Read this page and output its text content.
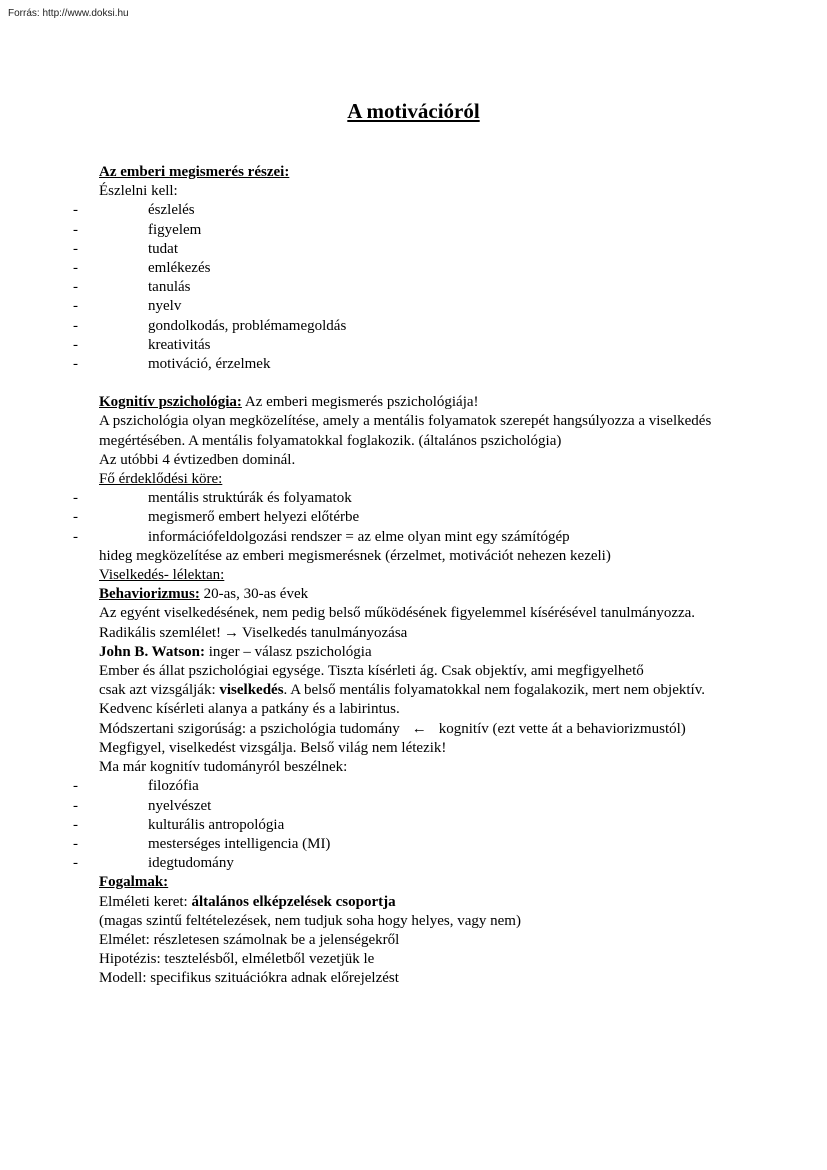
Forrás: http://www.doksi.hu
A motivációról
Az emberi megismerés részei:
Észlelni kell:
-	észlelés
-	figyelem
-	tudat
-	emlékezés
-	tanulás
-	nyelv
-	gondolkodás, problémamegoldás
-	kreativitás
-	motiváció, érzelmek
Kognitív pszichológia: Az emberi megismerés pszichológiája!
A pszichológia olyan megközelítése, amely a mentális folyamatok szerepét hangsúlyozza a viselkedés
megértésében. A mentális folyamatokkal foglakozik. (általános pszichológia)
Az utóbbi 4 évtizedben dominál.
Fő érdeklődési köre:
-	mentális struktúrák és folyamatok
-	megismerő embert helyezi előtérbe
-	információfeldolgozási rendszer = az elme olyan mint egy számítógép
hideg megközelítése az emberi megismerésnek (érzelmet, motivációt nehezen kezeli)
Viselkedés- lélektan:
Behaviorizmus: 20-as, 30-as évek
Az egyént viselkedésének, nem pedig belső működésének figyelemmel kísérésével tanulmányozza.
Radikális szemlélet! → Viselkedés tanulmányozása
John B. Watson: inger – válasz pszichológia
Ember és állat pszichológiai egysége. Tiszta kísérleti ág. Csak objektív, ami megfigyelhető
csak azt vizsgálják: viselkedés. A belső mentális folyamatokkal nem fogalakozik, mert nem objektív.
Kedvenc kísérleti alanya a patkány és a labirintus.
Módszertani szigorúság: a pszichológia tudomány ← kognitív (ezt vette át a behaviorizmustól)
Megfigyel, viselkedést vizsgálja. Belső világ nem létezik!
Ma már kognitív tudományról beszélnek:
-	filozófia
-	nyelvészet
-	kulturális antropológia
-	mesterséges intelligencia (MI)
-	idegtudomány
Fogalmak:
Elméleti keret: általános elképzelések csoportja
(magas szintű feltételezések, nem tudjuk soha hogy helyes, vagy nem)
Elmélet: részletesen számolnak be a jelenségekről
Hipotézis: tesztelésből, elméletből vezetjük le
Modell: specifikus szituációkra adnak előrejelzést
